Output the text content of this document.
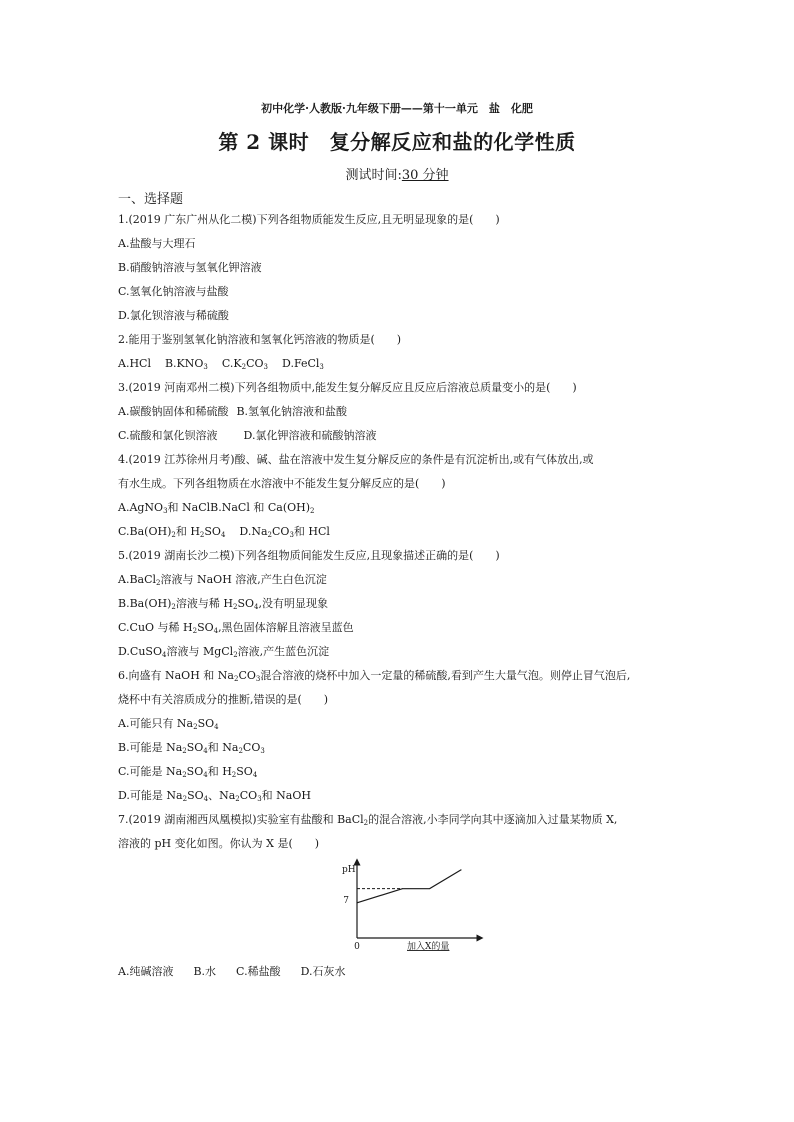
初中化学·人教版·九年级下册——第十一单元　盐　化肥
第 2 课时　复分解反应和盐的化学性质
测试时间:30 分钟
一、选择题
1.(2019 广东广州从化二模)下列各组物质能发生反应,且无明显现象的是(　　)
A.盐酸与大理石
B.硝酸钠溶液与氢氧化钾溶液
C.氢氧化钠溶液与盐酸
D.氯化钡溶液与稀硫酸
2.能用于鉴别氢氧化钠溶液和氢氧化钙溶液的物质是(　　)
A.HCl $B.KNO_3$ $C.K_2CO_3$ D.FeCl$_3$
3.(2019 河南邓州二模)下列各组物质中,能发生复分解反应且反应后溶液总质量变小的是(　　)
A.碳酸钠固体和稀硫酸 B.氢氧化钠溶液和盐酸
C.硫酸和氯化钡溶液 D.氯化钾溶液和硫酸钠溶液
4.(2019 江苏徐州月考)酸、碱、盐在溶液中发生复分解反应的条件是有沉淀析出,或有气体放出,或
有水生成。下列各组物质在水溶液中不能发生复分解反应的是(　　)
A.AgNO$_3$和 NaClB.NaCl 和 $Ca(OH)_2$
$C.Ba(OH)_2$和 $H_2SO_4$ $D.Na_2CO_3$和 HCl
5.(2019 湖南长沙二模)下列各组物质间能发生反应,且现象描述正确的是(　　)
A.BaCl$_2$溶液与 NaOH 溶液,产生白色沉淀
$B.Ba(OH)_2$溶液与稀 $H_2SO_4$,没有明显现象
C.CuO 与稀 $H_2SO_4$,黑色固体溶解且溶液呈蓝色
D.CuSO$_4$溶液与 MgCl$_2$溶液,产生蓝色沉淀
6.向盛有 NaOH 和 $Na_2CO_3$混合溶液的烧杯中加入一定量的稀硫酸,看到产生大量气泡。则停止冒气泡后,
烧杯中有关溶质成分的推断,错误的是(　　)
A.可能只有 $Na_2SO_4$
B.可能是 $Na_2SO_4$和 $Na_2CO_3$
C.可能是 $Na_2SO_4$和 $H_2SO_4$
D.可能是 $Na_2SO_4$、$Na_2CO_3$和 NaOH
7.(2019 湖南湘西凤凰模拟)实验室有盐酸和 BaCl$_2$的混合溶液,小李同学向其中逐滴加入过量某物质 X,
溶液的 pH 变化如图。你认为 X 是(　　)
pH
7
0	加入X的量
A.纯碱溶液 B.水 C.稀盐酸 D.石灰水
